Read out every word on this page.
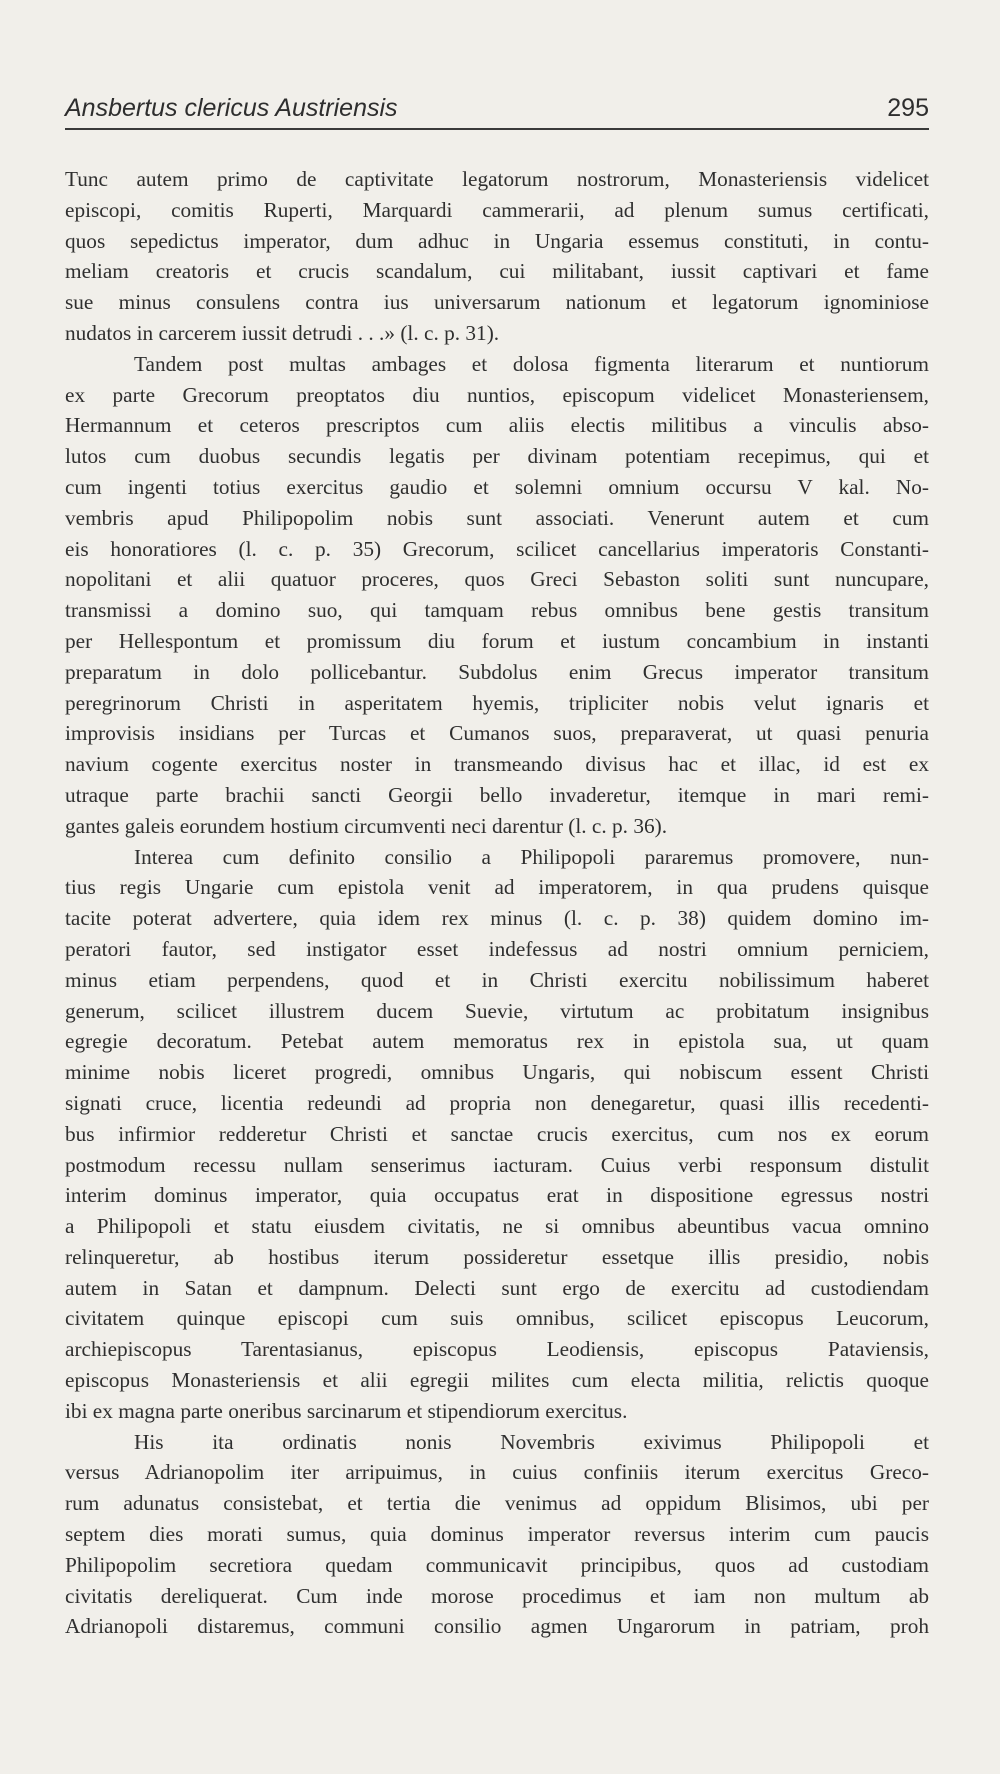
Ansbertus clericus Austriensis	295
Tunc autem primo de captivitate legatorum nostrorum, Monasteriensis videlicet
episcopi, comitis Ruperti, Marquardi cammerarii, ad plenum sumus certificati,
quos sepedictus imperator, dum adhuc in Ungaria essemus constituti, in contu-
meliam creatoris et crucis scandalum, cui militabant, iussit captivari et fame
sue minus consulens contra ius universarum nationum et legatorum ignominiose
nudatos in carcerem iussit detrudi . . .» (l. c. p. 31).
Tandem post multas ambages et dolosa figmenta literarum et nuntiorum
ex parte Grecorum preoptatos diu nuntios, episcopum videlicet Monasteriensem,
Hermannum et ceteros prescriptos cum aliis electis militibus a vinculis abso-
lutos cum duobus secundis legatis per divinam potentiam recepimus, qui et
cum ingenti totius exercitus gaudio et solemni omnium occursu V kal. No-
vembris apud Philipopolim nobis sunt associati. Venerunt autem et cum
eis honoratiores (l. c. p. 35) Grecorum, scilicet cancellarius imperatoris Constanti-
nopolitani et alii quatuor proceres, quos Greci Sebaston soliti sunt nuncupare,
transmissi a domino suo, qui tamquam rebus omnibus bene gestis transitum
per Hellespontum et promissum diu forum et iustum concambium in instanti
preparatum in dolo pollicebantur. Subdolus enim Grecus imperator transitum
peregrinorum Christi in asperitatem hyemis, tripliciter nobis velut ignaris et
improvisis insidians per Turcas et Cumanos suos, preparaverat, ut quasi penuria
navium cogente exercitus noster in transmeando divisus hac et illac, id est ex
utraque parte brachii sancti Georgii bello invaderetur, itemque in mari remi-
gantes galeis eorundem hostium circumventi neci darentur (l. c. p. 36).
Interea cum definito consilio a Philipopoli pararemus promovere, nun-
tius regis Ungarie cum epistola venit ad imperatorem, in qua prudens quisque
tacite poterat advertere, quia idem rex minus (l. c. p. 38) quidem domino im-
peratori fautor, sed instigator esset indefessus ad nostri omnium perniciem,
minus etiam perpendens, quod et in Christi exercitu nobilissimum haberet
generum, scilicet illustrem ducem Suevie, virtutum ac probitatum insignibus
egregie decoratum. Petebat autem memoratus rex in epistola sua, ut quam
minime nobis liceret progredi, omnibus Ungaris, qui nobiscum essent Christi
signati cruce, licentia redeundi ad propria non denegaretur, quasi illis recedenti-
bus infirmior redderetur Christi et sanctae crucis exercitus, cum nos ex eorum
postmodum recessu nullam senserimus iacturam. Cuius verbi responsum distulit
interim dominus imperator, quia occupatus erat in dispositione egressus nostri
a Philipopoli et statu eiusdem civitatis, ne si omnibus abeuntibus vacua omnino
relinqueretur, ab hostibus iterum possideretur essetque illis presidio, nobis
autem in Satan et dampnum. Delecti sunt ergo de exercitu ad custodiendam
civitatem quinque episcopi cum suis omnibus, scilicet episcopus Leucorum,
archiepiscopus Tarentasianus, episcopus Leodiensis, episcopus Pataviensis,
episcopus Monasteriensis et alii egregii milites cum electa militia, relictis quoque
ibi ex magna parte oneribus sarcinarum et stipendiorum exercitus.
His ita ordinatis nonis Novembris exivimus Philipopoli et
versus Adrianopolim iter arripuimus, in cuius confiniis iterum exercitus Greco-
rum adunatus consistebat, et tertia die venimus ad oppidum Blisimos, ubi per
septem dies morati sumus, quia dominus imperator reversus interim cum paucis
Philipopolim secretiora quedam communicavit principibus, quos ad custodiam
civitatis dereliquerat. Cum inde morose procedimus et iam non multum ab
Adrianopoli distaremus, communi consilio agmen Ungarorum in patriam, proh
